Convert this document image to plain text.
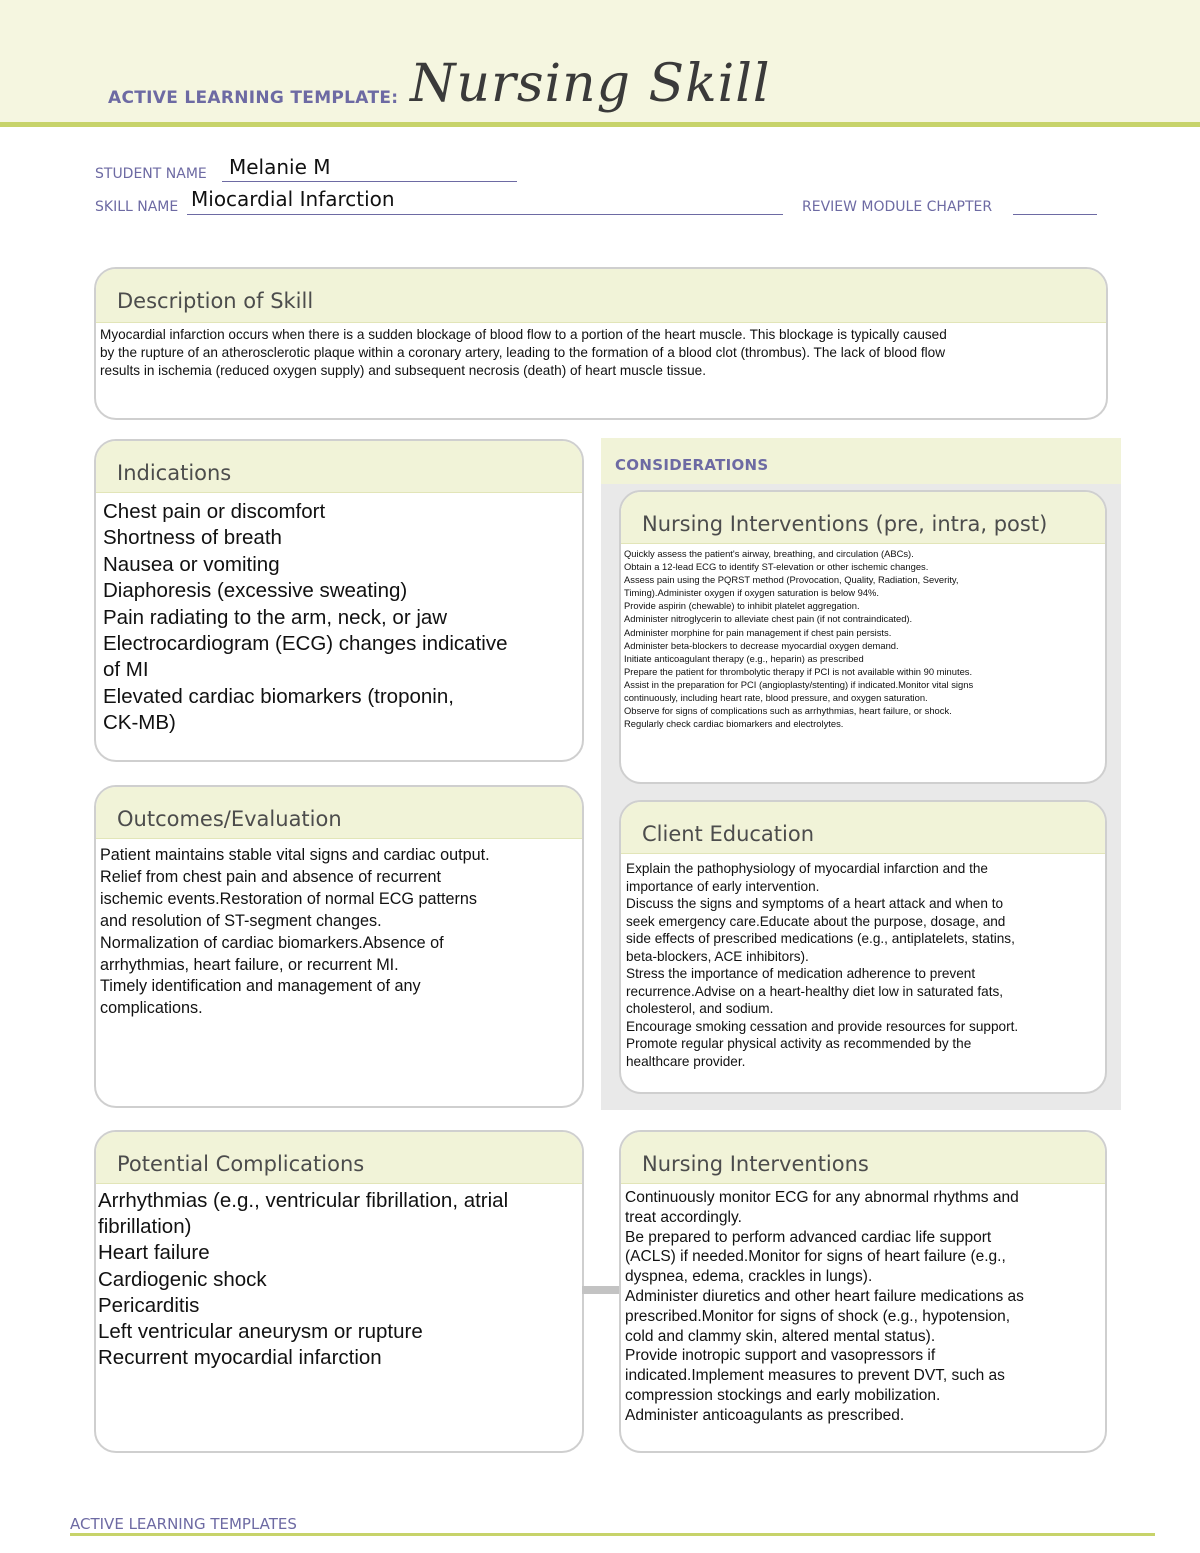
ACTIVE LEARNING TEMPLATE: Nursing Skill
STUDENT NAME Melanie M
SKILL NAME Miocardial Infarction	REVIEW MODULE CHAPTER
Description of Skill
Myocardial infarction occurs when there is a sudden blockage of blood flow to a portion of the heart muscle. This blockage is typically caused
by the rupture of an atherosclerotic plaque within a coronary artery, leading to the formation of a blood clot (thrombus). The lack of blood flow
results in ischemia (reduced oxygen supply) and subsequent necrosis (death) of heart muscle tissue.
Indications
Chest pain or discomfort
Shortness of breath
Nausea or vomiting
Diaphoresis (excessive sweating)
Pain radiating to the arm, neck, or jaw
Electrocardiogram (ECG) changes indicative
of MI
Elevated cardiac biomarkers (troponin,
CK-MB)
CONSIDERATIONS
Nursing Interventions (pre, intra, post)
Quickly assess the patient's airway, breathing, and circulation (ABCs).
Obtain a 12-lead ECG to identify ST-elevation or other ischemic changes.
Assess pain using the PQRST method (Provocation, Quality, Radiation, Severity,
Timing).Administer oxygen if oxygen saturation is below 94%.
Provide aspirin (chewable) to inhibit platelet aggregation.
Administer nitroglycerin to alleviate chest pain (if not contraindicated).
Administer morphine for pain management if chest pain persists.
Administer beta-blockers to decrease myocardial oxygen demand.
Initiate anticoagulant therapy (e.g., heparin) as prescribed
Prepare the patient for thrombolytic therapy if PCI is not available within 90 minutes.
Assist in the preparation for PCI (angioplasty/stenting) if indicated.Monitor vital signs
continuously, including heart rate, blood pressure, and oxygen saturation.
Observe for signs of complications such as arrhythmias, heart failure, or shock.
Regularly check cardiac biomarkers and electrolytes.
Outcomes/Evaluation
Patient maintains stable vital signs and cardiac output.
Relief from chest pain and absence of recurrent
ischemic events.Restoration of normal ECG patterns
and resolution of ST-segment changes.
Normalization of cardiac biomarkers.Absence of
arrhythmias, heart failure, or recurrent MI.
Timely identification and management of any
complications.
Client Education
Explain the pathophysiology of myocardial infarction and the
importance of early intervention.
Discuss the signs and symptoms of a heart attack and when to
seek emergency care.Educate about the purpose, dosage, and
side effects of prescribed medications (e.g., antiplatelets, statins,
beta-blockers, ACE inhibitors).
Stress the importance of medication adherence to prevent
recurrence.Advise on a heart-healthy diet low in saturated fats,
cholesterol, and sodium.
Encourage smoking cessation and provide resources for support.
Promote regular physical activity as recommended by the
healthcare provider.
Potential Complications
Arrhythmias (e.g., ventricular fibrillation, atrial
fibrillation)
Heart failure
Cardiogenic shock
Pericarditis
Left ventricular aneurysm or rupture
Recurrent myocardial infarction
Nursing Interventions
Continuously monitor ECG for any abnormal rhythms and
treat accordingly.
Be prepared to perform advanced cardiac life support
(ACLS) if needed.Monitor for signs of heart failure (e.g.,
dyspnea, edema, crackles in lungs).
Administer diuretics and other heart failure medications as
prescribed.Monitor for signs of shock (e.g., hypotension,
cold and clammy skin, altered mental status).
Provide inotropic support and vasopressors if
indicated.Implement measures to prevent DVT, such as
compression stockings and early mobilization.
Administer anticoagulants as prescribed.
ACTIVE LEARNING TEMPLATES
